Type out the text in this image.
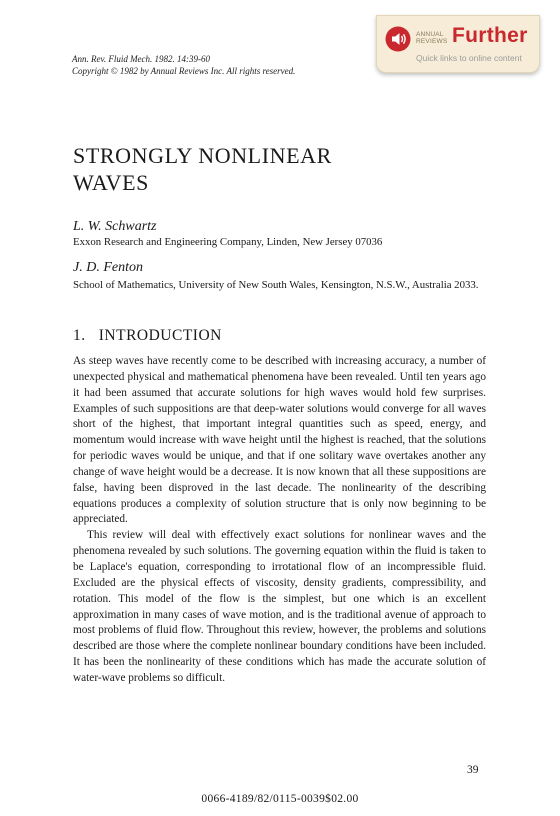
Ann. Rev. Fluid Mech. 1982. 14:39-60
Copyright © 1982 by Annual Reviews Inc. All rights reserved.
ANNUAL
REVIEWS Further
Quick links to online content
STRONGLY NONLINEAR
WAVES
L. W. Schwartz
Exxon Research and Engineering Company, Linden, New Jersey 07036
J. D. Fenton
School of Mathematics, University of New South Wales, Kensington, N.S.W., Australia 2033.
1.   INTRODUCTION

As steep waves have recently come to be described with increasing accuracy, a number of unexpected physical and mathematical phenomena have been revealed. Until ten years ago it had been assumed that accurate solutions for high waves would hold few surprises. Examples of such suppositions are that deep-water solutions would converge for all waves short of the highest, that important integral quantities such as speed, energy, and momentum would increase with wave height until the highest is reached, that the solutions for periodic waves would be unique, and that if one solitary wave overtakes another any change of wave height would be a decrease. It is now known that all these suppositions are false, having been disproved in the last decade. The nonlinearity of the describing equations produces a complexity of solution structure that is only now beginning to be appreciated.

This review will deal with effectively exact solutions for nonlinear waves and the phenomena revealed by such solutions. The governing equation within the fluid is taken to be Laplace's equation, corresponding to irrotational flow of an incompressible fluid. Excluded are the physical effects of viscosity, density gradients, compressibility, and rotation. This model of the flow is the simplest, but one which is an excellent approximation in many cases of wave motion, and is the traditional avenue of approach to most problems of fluid flow. Throughout this review, however, the problems and solutions described are those where the complete nonlinear boundary conditions have been included. It has been the nonlinearity of these conditions which has made the accurate solution of water-wave problems so difficult.

39
0066-4189/82/0115-0039$02.00
